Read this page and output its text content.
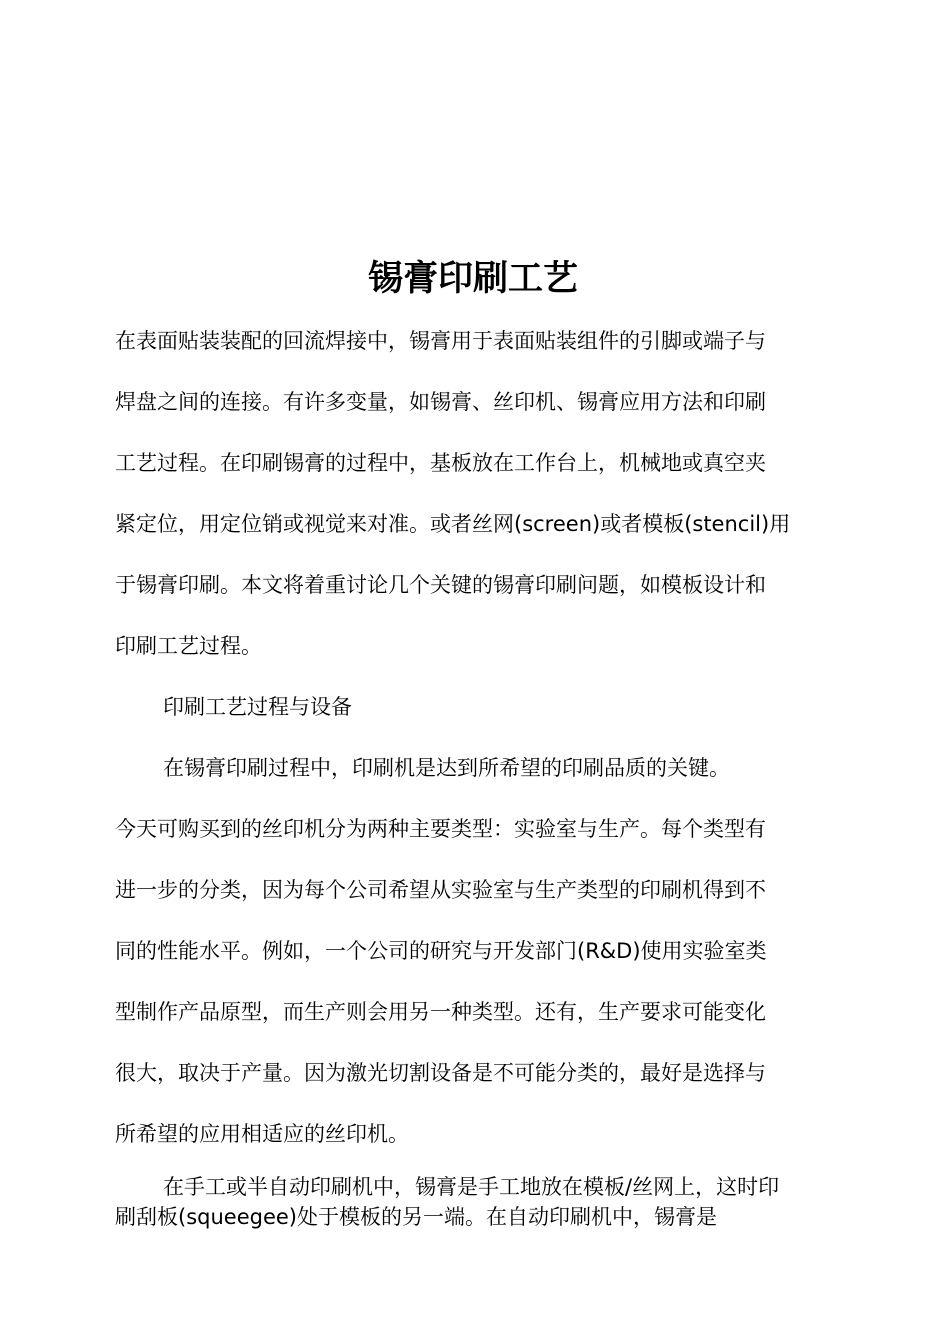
锡膏印刷工艺
在表面贴装装配的回流焊接中，锡膏用于表面贴装组件的引脚或端子与
焊盘之间的连接。有许多变量，如锡膏、丝印机、锡膏应用方法和印刷
工艺过程。在印刷锡膏的过程中，基板放在工作台上，机械地或真空夹
紧定位，用定位销或视觉来对准。或者丝网(screen)或者模板(stencil)用
于锡膏印刷。本文将着重讨论几个关键的锡膏印刷问题，如模板设计和
印刷工艺过程。
印刷工艺过程与设备
在锡膏印刷过程中，印刷机是达到所希望的印刷品质的关键。
今天可购买到的丝印机分为两种主要类型：实验室与生产。每个类型有
进一步的分类，因为每个公司希望从实验室与生产类型的印刷机得到不
同的性能水平。例如，一个公司的研究与开发部门(R&D)使用实验室类
型制作产品原型，而生产则会用另一种类型。还有，生产要求可能变化
很大，取决于产量。因为激光切割设备是不可能分类的，最好是选择与
所希望的应用相适应的丝印机。
在手工或半自动印刷机中，锡膏是手工地放在模板/丝网上，这时印
刷刮板(squeegee)处于模板的另一端。在自动印刷机中，锡膏是
